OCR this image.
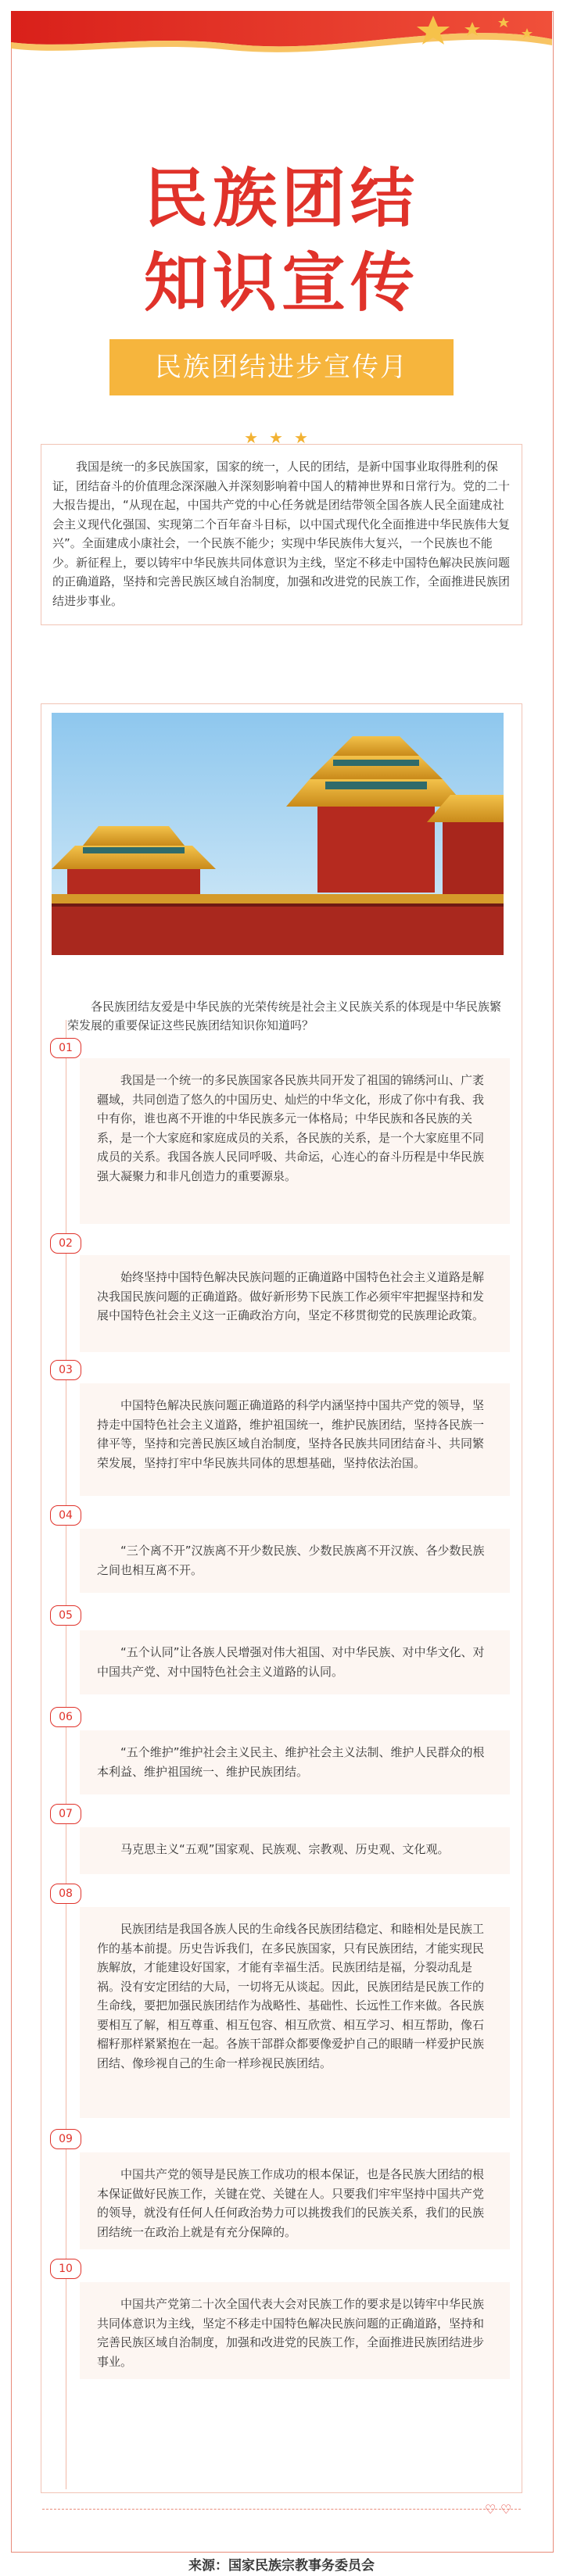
民族团结
知识宣传
民族团结进步宣传月
★★★

我国是统一的多民族国家，国家的统一，人民的团结，是新中国事业取得胜利的保证，团结奋斗的价值理念深深融入并深刻影响着中国人的精神世界和日常行为。党的二十大报告提出，“从现在起，中国共产党的中心任务就是团结带领全国各族人民全面建成社会主义现代化强国、实现第二个百年奋斗目标，以中国式现代化全面推进中华民族伟大复兴”。全面建成小康社会，一个民族不能少；实现中华民族伟大复兴，一个民族也不能少。新征程上，要以铸牢中华民族共同体意识为主线，坚定不移走中国特色解决民族问题的正确道路，坚持和完善民族区域自治制度，加强和改进党的民族工作，全面推进民族团结进步事业。

各民族团结友爱是中华民族的光荣传统是社会主义民族关系的体现是中华民族繁荣发展的重要保证这些民族团结知识你知道吗？

01

我国是一个统一的多民族国家各民族共同开发了祖国的锦绣河山、广袤疆域，共同创造了悠久的中国历史、灿烂的中华文化，形成了你中有我、我中有你，谁也离不开谁的中华民族多元一体格局；中华民族和各民族的关系，是一个大家庭和家庭成员的关系，各民族的关系，是一个大家庭里不同成员的关系。我国各族人民同呼吸、共命运，心连心的奋斗历程是中华民族强大凝聚力和非凡创造力的重要源泉。

02

始终坚持中国特色解决民族问题的正确道路中国特色社会主义道路是解决我国民族问题的正确道路。做好新形势下民族工作必须牢牢把握坚持和发展中国特色社会主义这一正确政治方向，坚定不移贯彻党的民族理论政策。

03

中国特色解决民族问题正确道路的科学内涵坚持中国共产党的领导，坚持走中国特色社会主义道路，维护祖国统一，维护民族团结，坚持各民族一律平等，坚持和完善民族区域自治制度，坚持各民族共同团结奋斗、共同繁荣发展，坚持打牢中华民族共同体的思想基础，坚持依法治国。

04

“三个离不开”汉族离不开少数民族、少数民族离不开汉族、各少数民族之间也相互离不开。

05

“五个认同”让各族人民增强对伟大祖国、对中华民族、对中华文化、对中国共产党、对中国特色社会主义道路的认同。

06

“五个维护”维护社会主义民主、维护社会主义法制、维护人民群众的根本利益、维护祖国统一、维护民族团结。

07

马克思主义“五观”国家观、民族观、宗教观、历史观、文化观。

08

民族团结是我国各族人民的生命线各民族团结稳定、和睦相处是民族工作的基本前提。历史告诉我们，在多民族国家，只有民族团结，才能实现民族解放，才能建设好国家，才能有幸福生活。民族团结是福，分裂动乱是祸。没有安定团结的大局，一切将无从谈起。因此，民族团结是民族工作的生命线，要把加强民族团结作为战略性、基础性、长远性工作来做。各民族要相互了解，相互尊重、相互包容、相互欣赏、相互学习、相互帮助，像石榴籽那样紧紧抱在一起。各族干部群众都要像爱护自己的眼睛一样爱护民族团结、像珍视自己的生命一样珍视民族团结。

09

中国共产党的领导是民族工作成功的根本保证，也是各民族大团结的根本保证做好民族工作，关键在党、关键在人。只要我们牢牢坚持中国共产党的领导，就没有任何人任何政治势力可以挑拨我们的民族关系，我们的民族团结统一在政治上就是有充分保障的。

10

中国共产党第二十次全国代表大会对民族工作的要求是以铸牢中华民族共同体意识为主线，坚定不移走中国特色解决民族问题的正确道路，坚持和完善民族区域自治制度，加强和改进党的民族工作，全面推进民族团结进步事业。

♡ ♡
来源：国家民族宗教事务委员会
